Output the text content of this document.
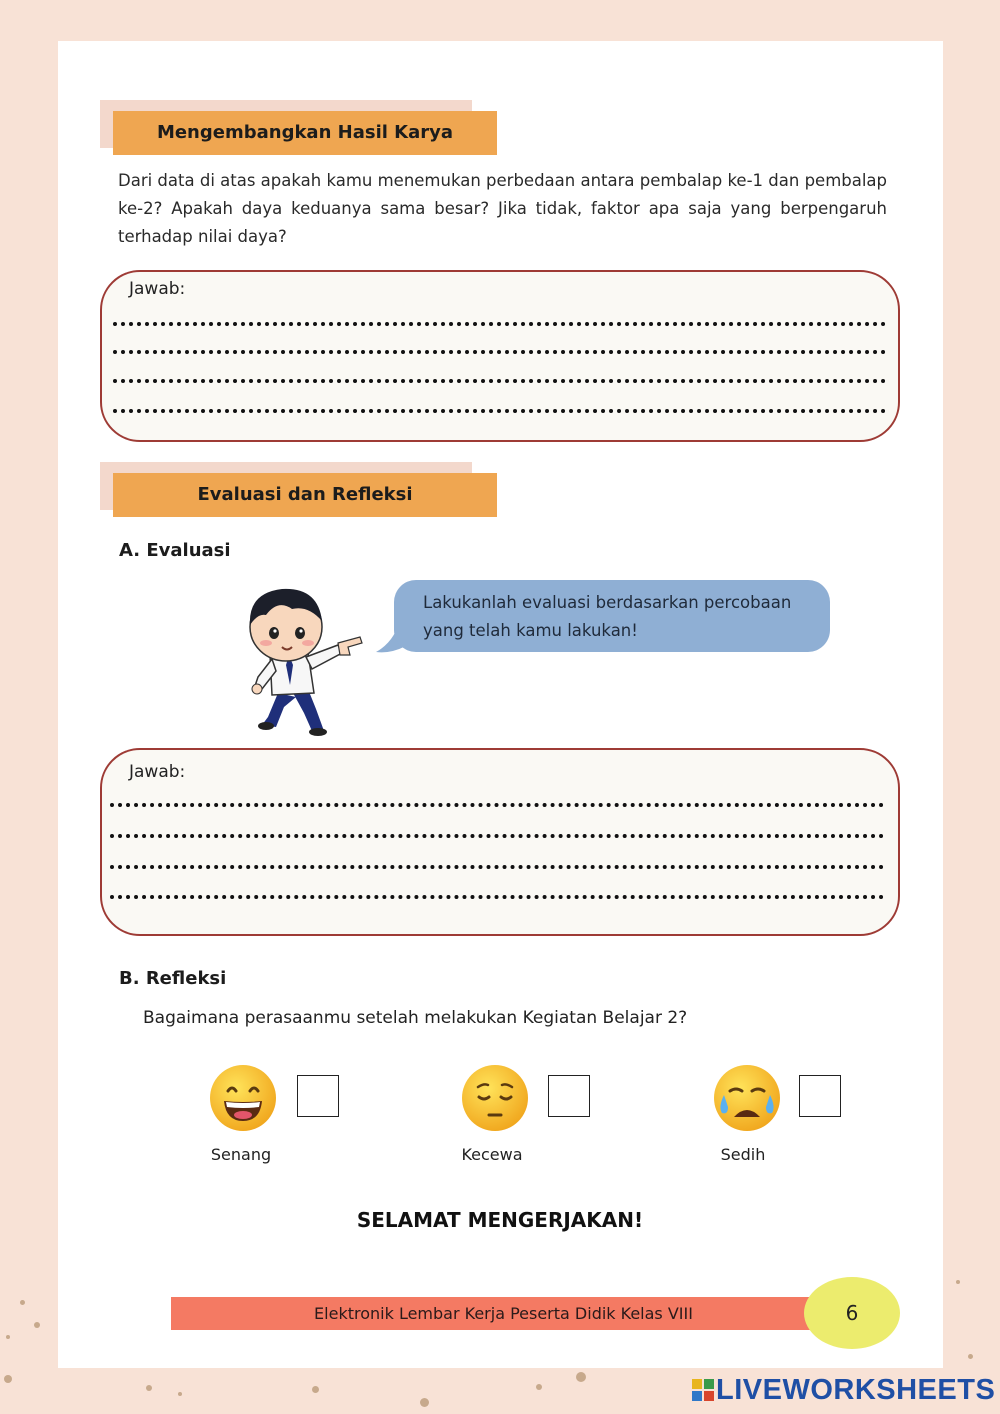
Mengembangkan Hasil Karya
Dari data di atas apakah kamu menemukan perbedaan antara pembalap ke-1 dan pembalap ke-2? Apakah daya keduanya sama besar? Jika tidak, faktor apa saja yang berpengaruh terhadap nilai daya?
Jawab:
Evaluasi dan Refleksi
A. Evaluasi
Lakukanlah evaluasi berdasarkan percobaan yang telah kamu lakukan!
Jawab:
B. Refleksi
Bagaimana perasaanmu setelah melakukan Kegiatan Belajar 2?
Senang	Kecewa	Sedih
SELAMAT MENGERJAKAN!
Elektronik Lembar Kerja Peserta Didik Kelas VIII	6
LIVEWORKSHEETS
